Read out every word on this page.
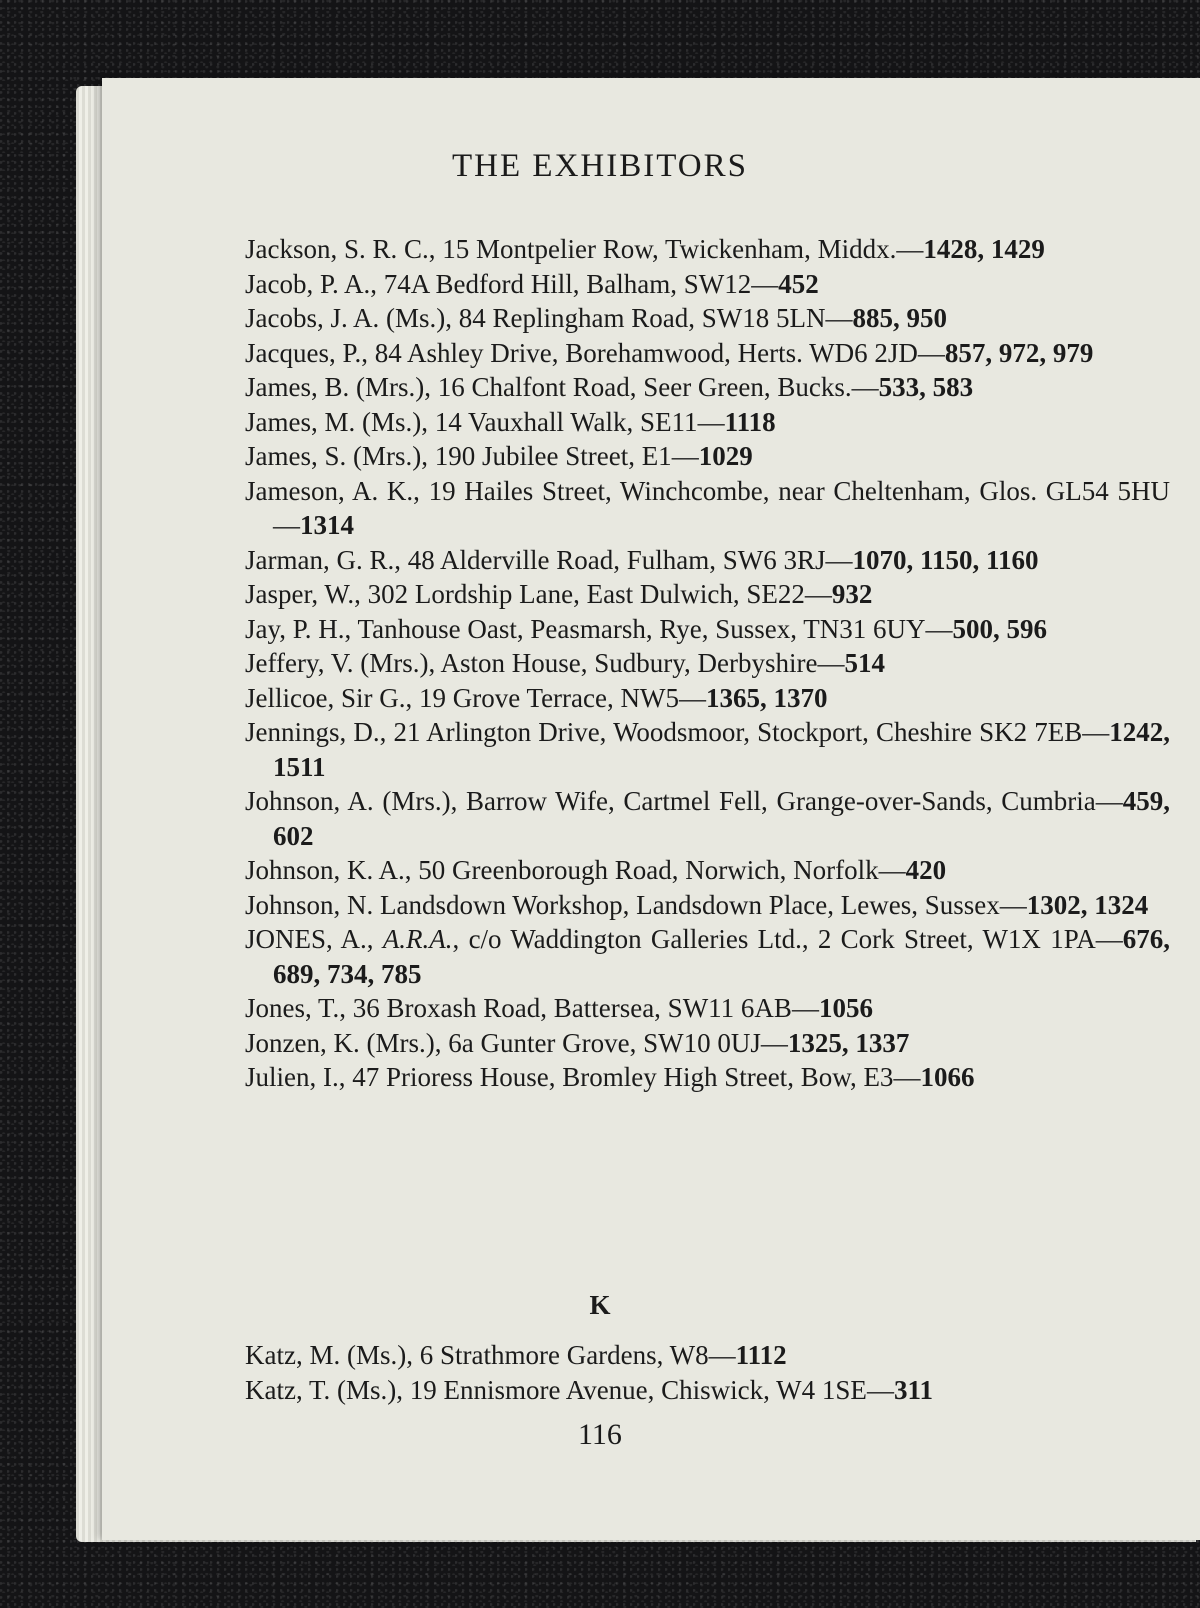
THE EXHIBITORS
Jackson, S. R. C., 15 Montpelier Row, Twickenham, Middx.—1428, 1429
Jacob, P. A., 74A Bedford Hill, Balham, SW12—452
Jacobs, J. A. (Ms.), 84 Replingham Road, SW18 5LN—885, 950
Jacques, P., 84 Ashley Drive, Borehamwood, Herts. WD6 2JD—857, 972, 979
James, B. (Mrs.), 16 Chalfont Road, Seer Green, Bucks.—533, 583
James, M. (Ms.), 14 Vauxhall Walk, SE11—1118
James, S. (Mrs.), 190 Jubilee Street, E1—1029
Jameson, A. K., 19 Hailes Street, Winchcombe, near Cheltenham, Glos. GL54 5HU—1314
Jarman, G. R., 48 Alderville Road, Fulham, SW6 3RJ—1070, 1150, 1160
Jasper, W., 302 Lordship Lane, East Dulwich, SE22—932
Jay, P. H., Tanhouse Oast, Peasmarsh, Rye, Sussex, TN31 6UY—500, 596
Jeffery, V. (Mrs.), Aston House, Sudbury, Derbyshire—514
Jellicoe, Sir G., 19 Grove Terrace, NW5—1365, 1370
Jennings, D., 21 Arlington Drive, Woodsmoor, Stockport, Cheshire SK2 7EB—1242, 1511
Johnson, A. (Mrs.), Barrow Wife, Cartmel Fell, Grange-over-Sands, Cumbria—459, 602
Johnson, K. A., 50 Greenborough Road, Norwich, Norfolk—420
Johnson, N. Landsdown Workshop, Landsdown Place, Lewes, Sussex—1302, 1324
JONES, A., A.R.A., c/o Waddington Galleries Ltd., 2 Cork Street, W1X 1PA—676, 689, 734, 785
Jones, T., 36 Broxash Road, Battersea, SW11 6AB—1056
Jonzen, K. (Mrs.), 6a Gunter Grove, SW10 0UJ—1325, 1337
Julien, I., 47 Prioress House, Bromley High Street, Bow, E3—1066
K
Katz, M. (Ms.), 6 Strathmore Gardens, W8—1112
Katz, T. (Ms.), 19 Ennismore Avenue, Chiswick, W4 1SE—311
116
